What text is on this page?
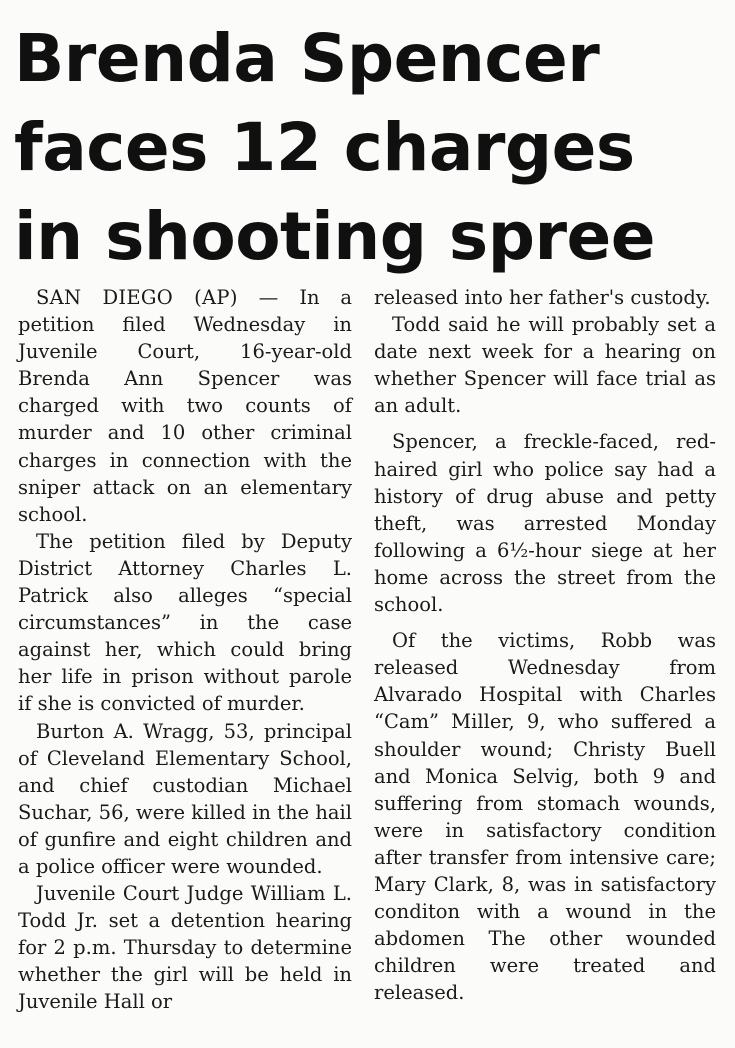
Brenda Spencer
faces 12 charges
in shooting spree

SAN DIEGO (AP) — In a petition filed Wednesday in Juvenile Court, 16-year-old Brenda Ann Spencer was charged with two counts of murder and 10 other criminal charges in connection with the sniper attack on an elementary school.

The petition filed by Deputy District Attorney Charles L. Patrick also alleges “special circumstances” in the case against her, which could bring her life in prison without parole if she is convicted of murder.

Burton A. Wragg, 53, principal of Cleveland Elementary School, and chief custodian Michael Suchar, 56, were killed in the hail of gunfire and eight children and a police officer were wounded.

Juvenile Court Judge William L. Todd Jr. set a detention hearing for 2 p.m. Thursday to determine whether the girl will be held in Juvenile Hall or

released into her father's custody.

Todd said he will probably set a date next week for a hearing on whether Spencer will face trial as an adult.

Spencer, a freckle-faced, red-haired girl who police say had a history of drug abuse and petty theft, was arrested Monday following a 6½-hour siege at her home across the street from the school.

Of the victims, Robb was released Wednesday from Alvarado Hospital with Charles “Cam” Miller, 9, who suffered a shoulder wound; Christy Buell and Monica Selvig, both 9 and suffering from stomach wounds, were in satisfactory condition after transfer from intensive care; Mary Clark, 8, was in satisfactory conditon with a wound in the abdomen The other wounded children were treated and released.
